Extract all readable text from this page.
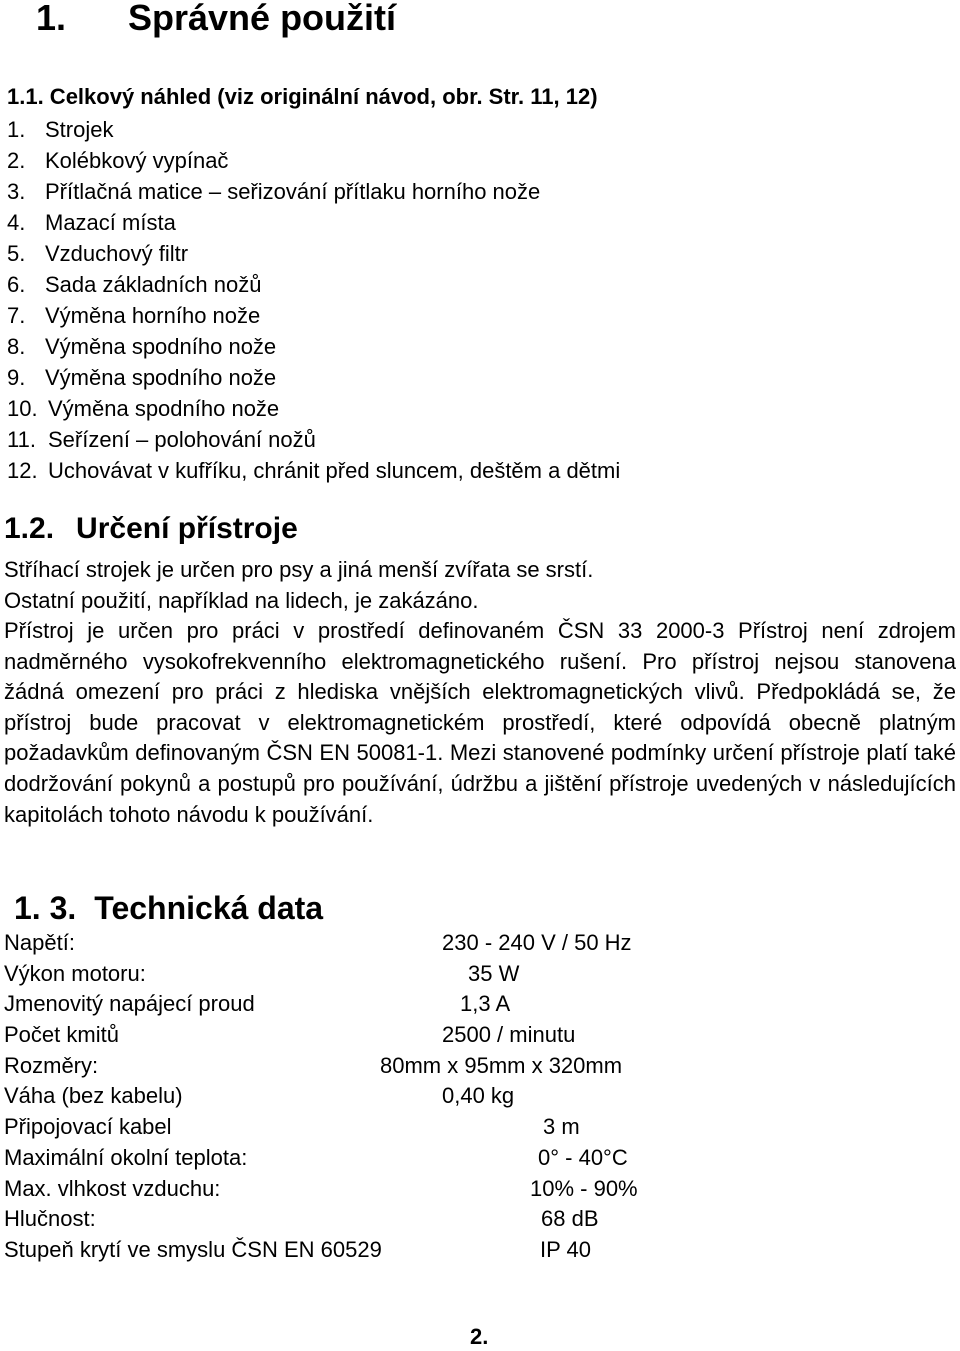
1. Správné použití
1.1. Celkový náhled (viz originální návod, obr. Str. 11, 12)
1. Strojek
2. Kolébkový vypínač
3. Přítlačná matice – seřizování přítlaku horního nože
4. Mazací místa
5. Vzduchový filtr
6. Sada základních nožů
7. Výměna horního nože
8. Výměna spodního nože
9. Výměna spodního nože
10. Výměna spodního nože
11. Seřízení – polohování nožů
12. Uchovávat v kufříku, chránit před sluncem, deštěm a dětmi
1.2. Určení přístroje
Stříhací strojek je určen pro psy a jiná menší zvířata se srstí.
Ostatní použití, například na lidech, je zakázáno.
Přístroj je určen pro práci v prostředí definovaném ČSN 33 2000-3 Přístroj není zdrojem nadměrného vysokofrekvenního elektromagnetického rušení. Pro přístroj nejsou stanovena žádná omezení pro práci z hlediska vnějších elektromagnetických vlivů. Předpokládá se, že přístroj bude pracovat v elektromagnetickém prostředí, které odpovídá obecně platným požadavkům definovaným ČSN EN 50081-1. Mezi stanovené podmínky určení přístroje platí také dodržování pokynů a postupů pro používání, údržbu a jištění přístroje uvedených v následujících kapitolách tohoto návodu k používání.
1. 3. Technická data
Napětí:	230 - 240 V / 50 Hz
Výkon motoru:	35 W
Jmenovitý napájecí proud	1,3 A
Počet kmitů	2500 / minutu
Rozměry:	80mm x 95mm x 320mm
Váha (bez kabelu)	0,40 kg
Připojovací kabel	3 m
Maximální okolní teplota:	0° - 40°C
Max. vlhkost vzduchu:	10% - 90%
Hlučnost:	68 dB
Stupeň krytí ve smyslu ČSN EN 60529	IP 40
2.
